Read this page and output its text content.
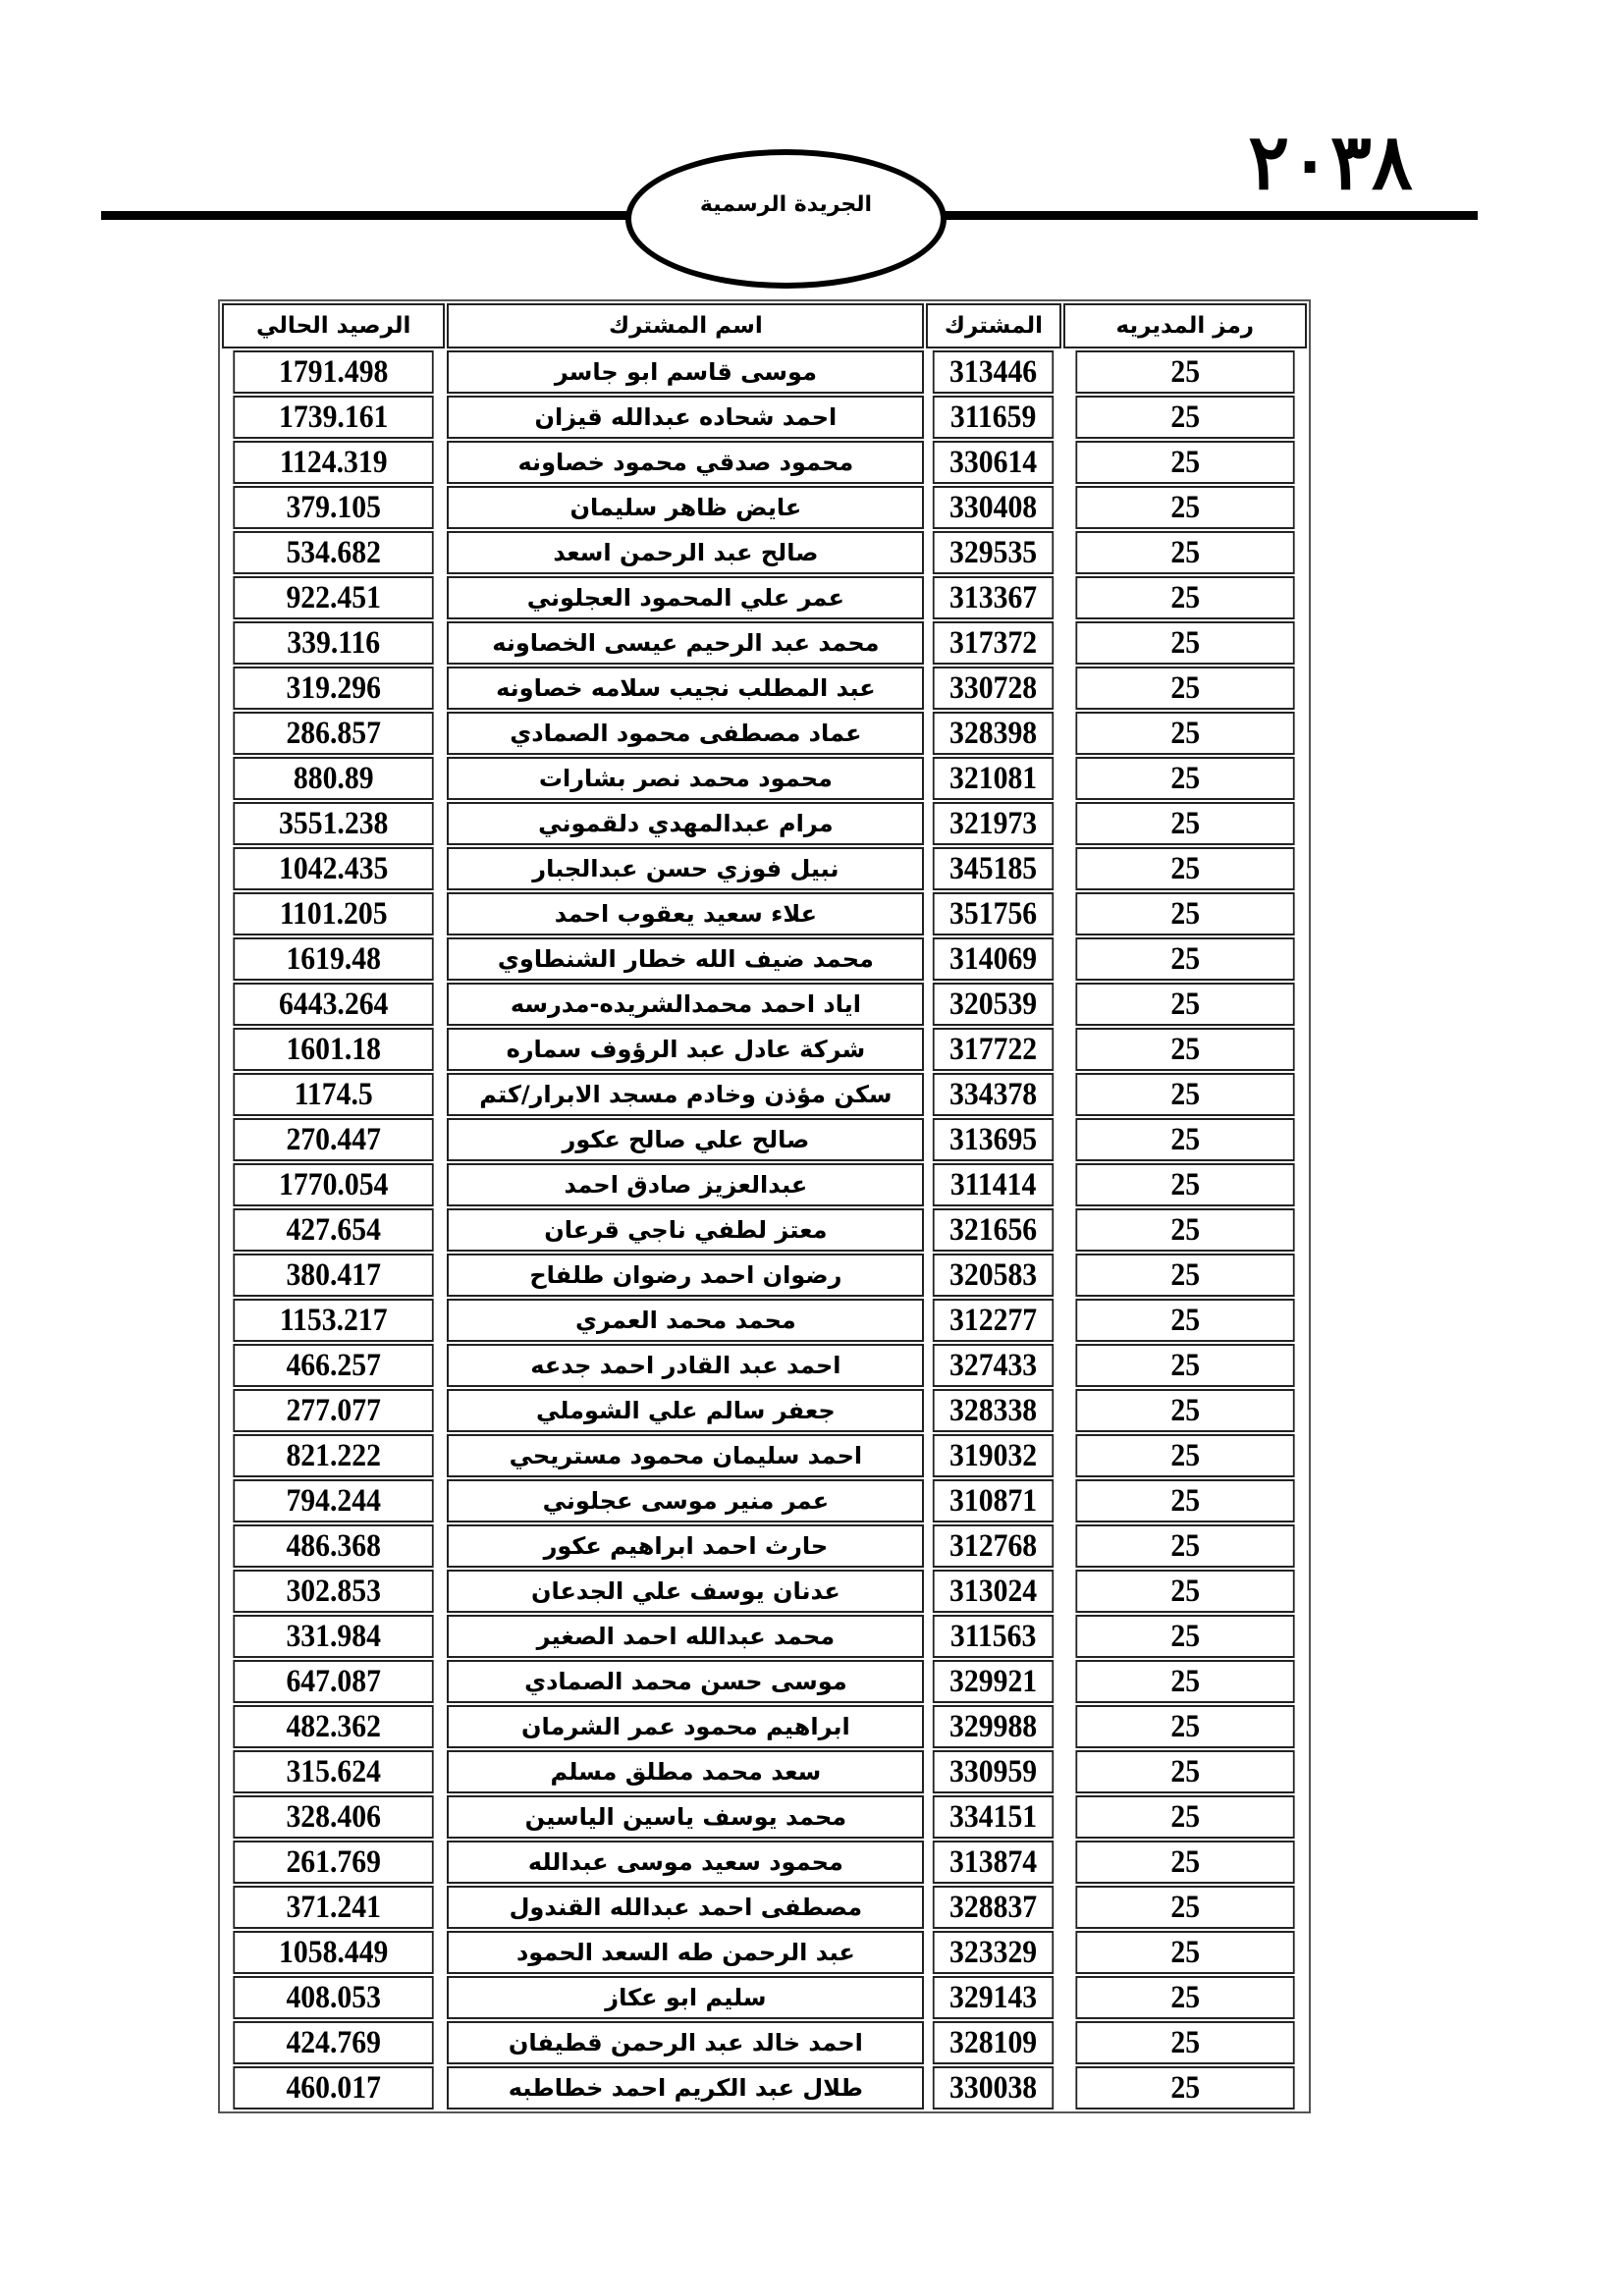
٢٠٣٨
الجريدة الرسمية
رمز المديريه	المشترك	اسم المشترك	الرصيد الحالي
25	313446	موسى قاسم ابو جاسر	1791.498
25	311659	احمد شحاده عبدالله قيزان	1739.161
25	330614	محمود صدقي محمود خصاونه	1124.319
25	330408	عايض ظاهر سليمان	379.105
25	329535	صالح عبد الرحمن اسعد	534.682
25	313367	عمر علي المحمود العجلوني	922.451
25	317372	محمد عبد الرحيم عيسى الخصاونه	339.116
25	330728	عبد المطلب نجيب سلامه خصاونه	319.296
25	328398	عماد مصطفى محمود الصمادي	286.857
25	321081	محمود محمد نصر بشارات	880.89
25	321973	مرام عبدالمهدي دلقموني	3551.238
25	345185	نبيل فوزي حسن عبدالجبار	1042.435
25	351756	علاء سعيد يعقوب احمد	1101.205
25	314069	محمد ضيف الله خطار الشنطاوي	1619.48
25	320539	اياد احمد محمدالشريده-مدرسه	6443.264
25	317722	شركة عادل عبد الرؤوف سماره	1601.18
25	334378	سكن مؤذن وخادم مسجد الابرار/كتم	1174.5
25	313695	صالح علي صالح عكور	270.447
25	311414	عبدالعزيز صادق احمد	1770.054
25	321656	معتز لطفي ناجي قرعان	427.654
25	320583	رضوان احمد رضوان طلفاح	380.417
25	312277	محمد محمد العمري	1153.217
25	327433	احمد عبد القادر احمد جدعه	466.257
25	328338	جعفر سالم علي الشوملي	277.077
25	319032	احمد سليمان محمود مستريحي	821.222
25	310871	عمر منير موسى عجلوني	794.244
25	312768	حارث احمد ابراهيم عكور	486.368
25	313024	عدنان يوسف علي الجدعان	302.853
25	311563	محمد عبدالله احمد الصغير	331.984
25	329921	موسى حسن محمد الصمادي	647.087
25	329988	ابراهيم محمود عمر الشرمان	482.362
25	330959	سعد محمد مطلق مسلم	315.624
25	334151	محمد يوسف ياسين الياسين	328.406
25	313874	محمود سعيد موسى عبدالله	261.769
25	328837	مصطفى احمد عبدالله القندول	371.241
25	323329	عبد الرحمن طه السعد الحمود	1058.449
25	329143	سليم ابو عكاز	408.053
25	328109	احمد خالد عبد الرحمن قطيفان	424.769
25	330038	طلال عبد الكريم احمد خطاطبه	460.017
